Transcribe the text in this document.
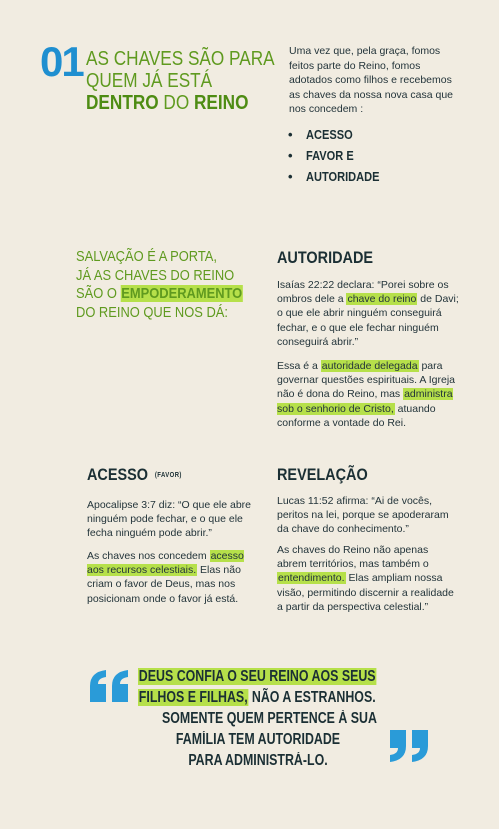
01 AS CHAVES SÃO PARA
QUEM JÁ ESTÁ
DENTRO DO REINO
Uma vez que, pela graça, fomos feitos parte do Reino, fomos adotados como filhos e recebemos as chaves da nossa nova casa que nos concedem :
• ACESSO
• FAVOR E
• AUTORIDADE
SALVAÇÃO É A PORTA,
JÁ AS CHAVES DO REINO
SÃO O EMPODERAMENTO
DO REINO QUE NOS DÁ:
AUTORIDADE
Isaías 22:22 declara: “Porei sobre os ombros dele a chave do reino de Davi; o que ele abrir ninguém conseguirá fechar, e o que ele fechar ninguém conseguirá abrir.”
Essa é a autoridade delegada para governar questões espirituais. A Igreja não é dona do Reino, mas administra sob o senhorio de Cristo, atuando conforme a vontade do Rei.
ACESSO (FAVOR)
Apocalipse 3:7 diz: “O que ele abre ninguém pode fechar, e o que ele fecha ninguém pode abrir.”
As chaves nos concedem acesso aos recursos celestiais. Elas não criam o favor de Deus, mas nos posicionam onde o favor já está.
REVELAÇÃO
Lucas 11:52 afirma: “Ai de vocês, peritos na lei, porque se apoderaram da chave do conhecimento.”
As chaves do Reino não apenas abrem territórios, mas também o entendimento. Elas ampliam nossa visão, permitindo discernir a realidade a partir da perspectiva celestial.”
DEUS CONFIA O SEU REINO AOS SEUS
FILHOS E FILHAS, NÃO A ESTRANHOS.
SOMENTE QUEM PERTENCE À SUA
FAMÍLIA TEM AUTORIDADE
PARA ADMINISTRÁ-LO.
